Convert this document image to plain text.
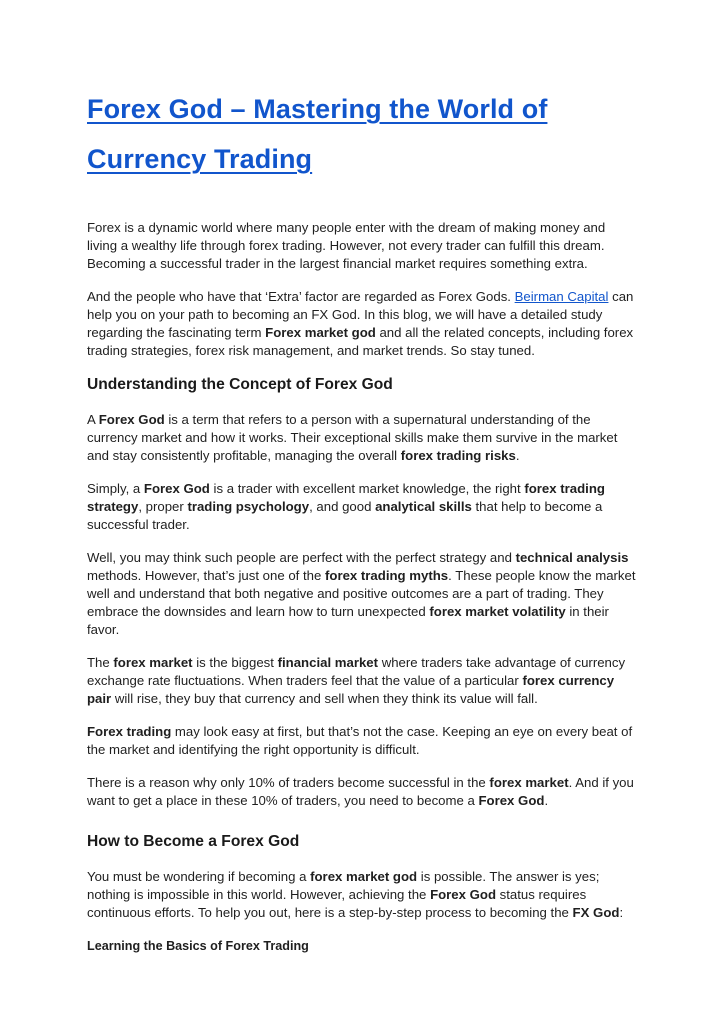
Forex God – Mastering the World of Currency Trading

Forex is a dynamic world where many people enter with the dream of making money and living a wealthy life through forex trading. However, not every trader can fulfill this dream. Becoming a successful trader in the largest financial market requires something extra.

And the people who have that ‘Extra’ factor are regarded as Forex Gods. Beirman Capital can help you on your path to becoming an FX God. In this blog, we will have a detailed study regarding the fascinating term Forex market god and all the related concepts, including forex trading strategies, forex risk management, and market trends. So stay tuned.

Understanding the Concept of Forex God

A Forex God is a term that refers to a person with a supernatural understanding of the currency market and how it works. Their exceptional skills make them survive in the market and stay consistently profitable, managing the overall forex trading risks.

Simply, a Forex God is a trader with excellent market knowledge, the right forex trading strategy, proper trading psychology, and good analytical skills that help to become a successful trader.

Well, you may think such people are perfect with the perfect strategy and technical analysis methods. However, that’s just one of the forex trading myths. These people know the market well and understand that both negative and positive outcomes are a part of trading. They embrace the downsides and learn how to turn unexpected forex market volatility in their favor.

The forex market is the biggest financial market where traders take advantage of currency exchange rate fluctuations. When traders feel that the value of a particular forex currency pair will rise, they buy that currency and sell when they think its value will fall.

Forex trading may look easy at first, but that’s not the case. Keeping an eye on every beat of the market and identifying the right opportunity is difficult.

There is a reason why only 10% of traders become successful in the forex market. And if you want to get a place in these 10% of traders, you need to become a Forex God.

How to Become a Forex God

You must be wondering if becoming a forex market god is possible. The answer is yes; nothing is impossible in this world. However, achieving the Forex God status requires continuous efforts. To help you out, here is a step-by-step process to becoming the FX God:

Learning the Basics of Forex Trading
